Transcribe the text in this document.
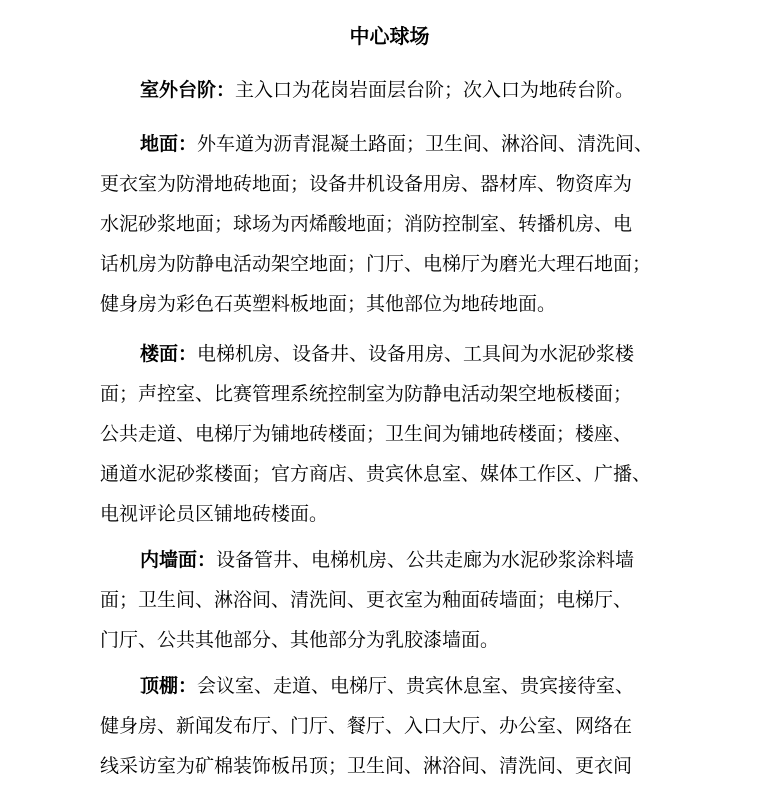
中心球场
室外台阶：主入口为花岗岩面层台阶；次入口为地砖台阶。
地面：外车道为沥青混凝土路面；卫生间、淋浴间、清洗间、
更衣室为防滑地砖地面；设备井机设备用房、器材库、物资库为
水泥砂浆地面；球场为丙烯酸地面；消防控制室、转播机房、电
话机房为防静电活动架空地面；门厅、电梯厅为磨光大理石地面；
健身房为彩色石英塑料板地面；其他部位为地砖地面。
楼面：电梯机房、设备井、设备用房、工具间为水泥砂浆楼
面；声控室、比赛管理系统控制室为防静电活动架空地板楼面；
公共走道、电梯厅为铺地砖楼面；卫生间为铺地砖楼面；楼座、
通道水泥砂浆楼面；官方商店、贵宾休息室、媒体工作区、广播、
电视评论员区铺地砖楼面。
内墙面：设备管井、电梯机房、公共走廊为水泥砂浆涂料墙
面；卫生间、淋浴间、清洗间、更衣室为釉面砖墙面；电梯厅、
门厅、公共其他部分、其他部分为乳胶漆墙面。
顶棚：会议室、走道、电梯厅、贵宾休息室、贵宾接待室、
健身房、新闻发布厅、门厅、餐厅、入口大厅、办公室、网络在
线采访室为矿棉装饰板吊顶；卫生间、淋浴间、清洗间、更衣间
